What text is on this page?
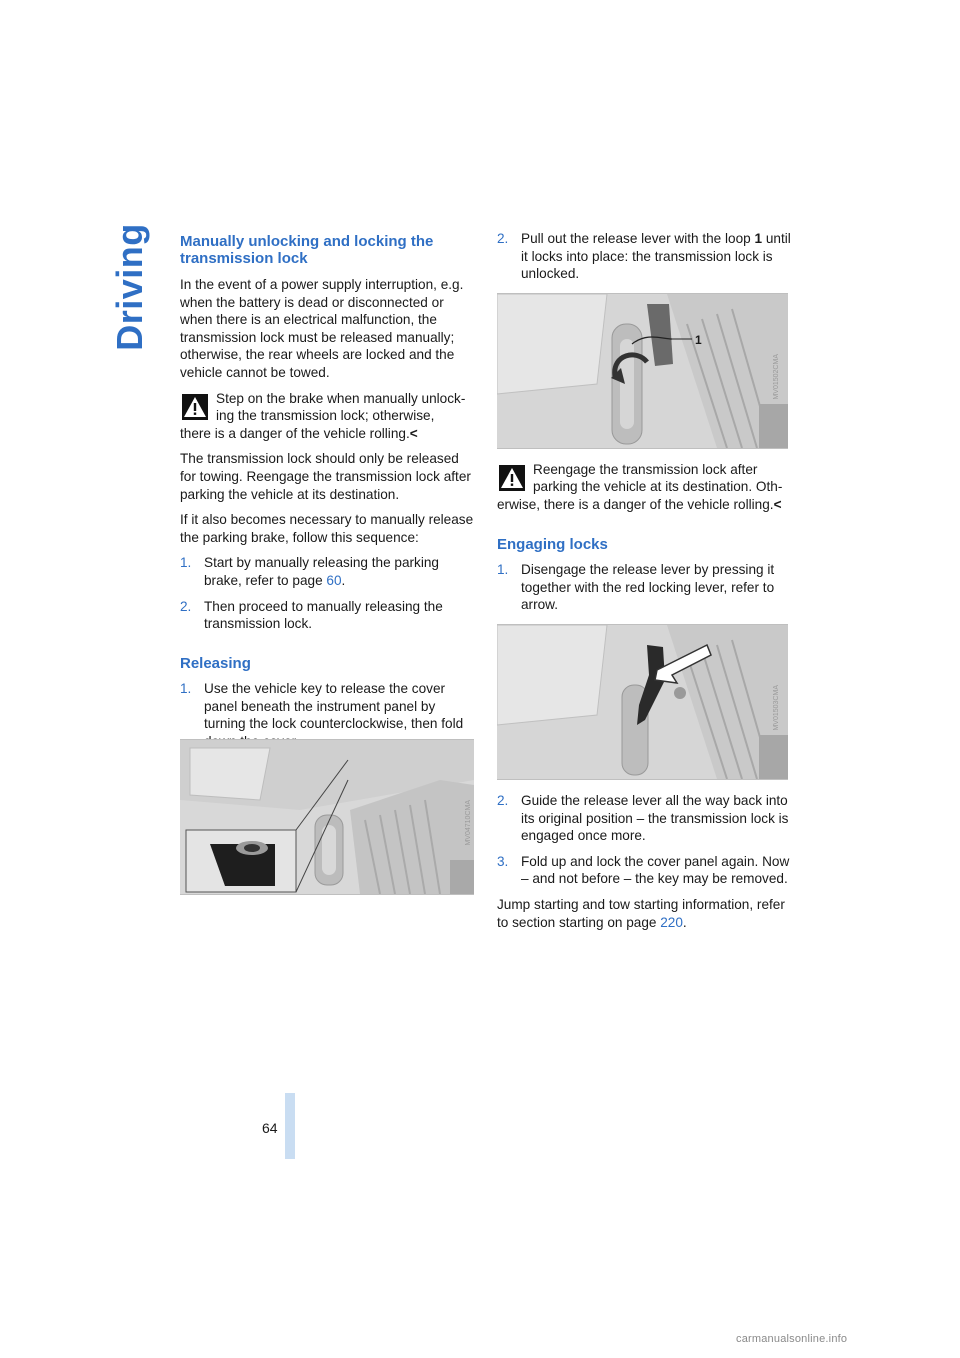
Driving Manually unlocking and locking the transmission lock

In the event of a power supply interruption, e.g. when the battery is dead or disconnected or when there is an electrical malfunction, the transmission lock must be released manually; otherwise, the rear wheels are locked and the vehicle cannot be towed.

Step on the brake when manually unlock-
ing the transmission lock; otherwise,
there is a danger of the vehicle rolling.<

The transmission lock should only be released for towing. Reengage the transmission lock after parking the vehicle at its destination.

If it also becomes necessary to manually release the parking brake, follow this sequence:

1. Start by manually releasing the parking brake, refer to page 60.
2. Then proceed to manually releasing the transmission lock.
Releasing
1. Use the vehicle key to release the cover panel beneath the instrument panel by turning the lock counterclockwise, then fold
MV04710CMA
2. Pull out the release lever with the loop 1 until it locks into place: the transmission lock is unlocked.
1
MV01502CMA
Reengage the transmission lock after
parking the vehicle at its destination. Oth-
erwise, there is a danger of the vehicle rolling.<
Engaging locks
1. Disengage the release lever by pressing it together with the red locking lever, refer to arrow.
MV01503CMA
2. Guide the release lever all the way back into its original position – the transmission lock is engaged once more.
3. Fold up and lock the cover panel again. Now – and not before – the key may be removed.

Jump starting and tow starting information, refer to section starting on page 220.

64
carmanualsonline.info
